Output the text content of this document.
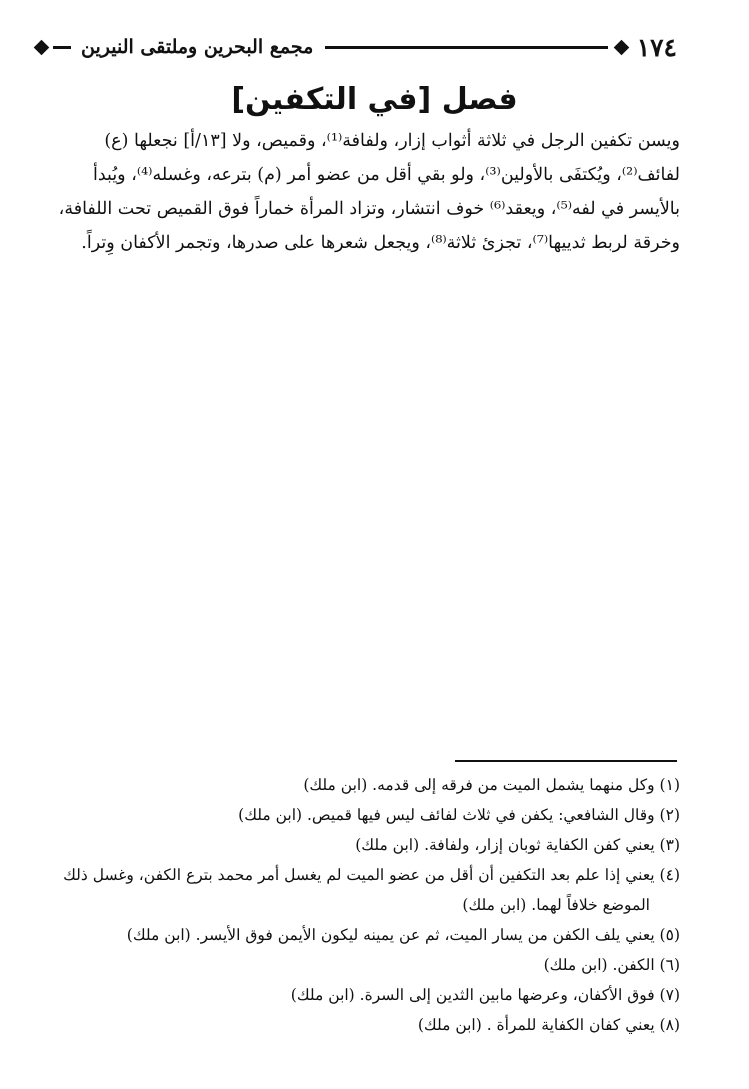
١٧٤
مجمع البحرين وملتقى النيرين
فصل [في التكفين]
ويسن تكفين الرجل في ثلاثة أثواب إزار، ولفافة⁽¹⁾، وقميص، ولا [١٣/أ] نجعلها (ع)
لفائف⁽²⁾، ويُكتفَى بالأولين⁽³⁾، ولو بقي أقل من عضو أمر (م) بترعه، وغسله⁽⁴⁾، ويُبدأ
بالأيسر في لفه⁽⁵⁾، ويعقد⁽⁶⁾ خوف انتشار، وتزاد المرأة خماراً فوق القميص تحت اللفافة،
وخرقة لربط ثدييها⁽⁷⁾، تجزئ ثلاثة⁽⁸⁾، ويجعل شعرها على صدرها، وتجمر الأكفان وِتراً.
(١) وكل منهما يشمل الميت من فرقه إلى قدمه. (ابن ملك)
(٢) وقال الشافعي: يكفن في ثلاث لفائف ليس فيها قميص. (ابن ملك)
(٣) يعني كفن الكفاية ثوبان إزار، ولفافة. (ابن ملك)
(٤) يعني إذا علم بعد التكفين أن أقل من عضو الميت لم يغسل أمر محمد بترع الكفن، وغسل ذلك
الموضع خلافاً لهما. (ابن ملك)
(٥) يعني يلف الكفن من يسار الميت، ثم عن يمينه ليكون الأيمن فوق الأيسر. (ابن ملك)
(٦) الكفن. (ابن ملك)
(٧) فوق الأكفان، وعرضها مابين الثدين إلى السرة. (ابن ملك)
(٨) يعني كفان الكفاية للمرأة . (ابن ملك)
